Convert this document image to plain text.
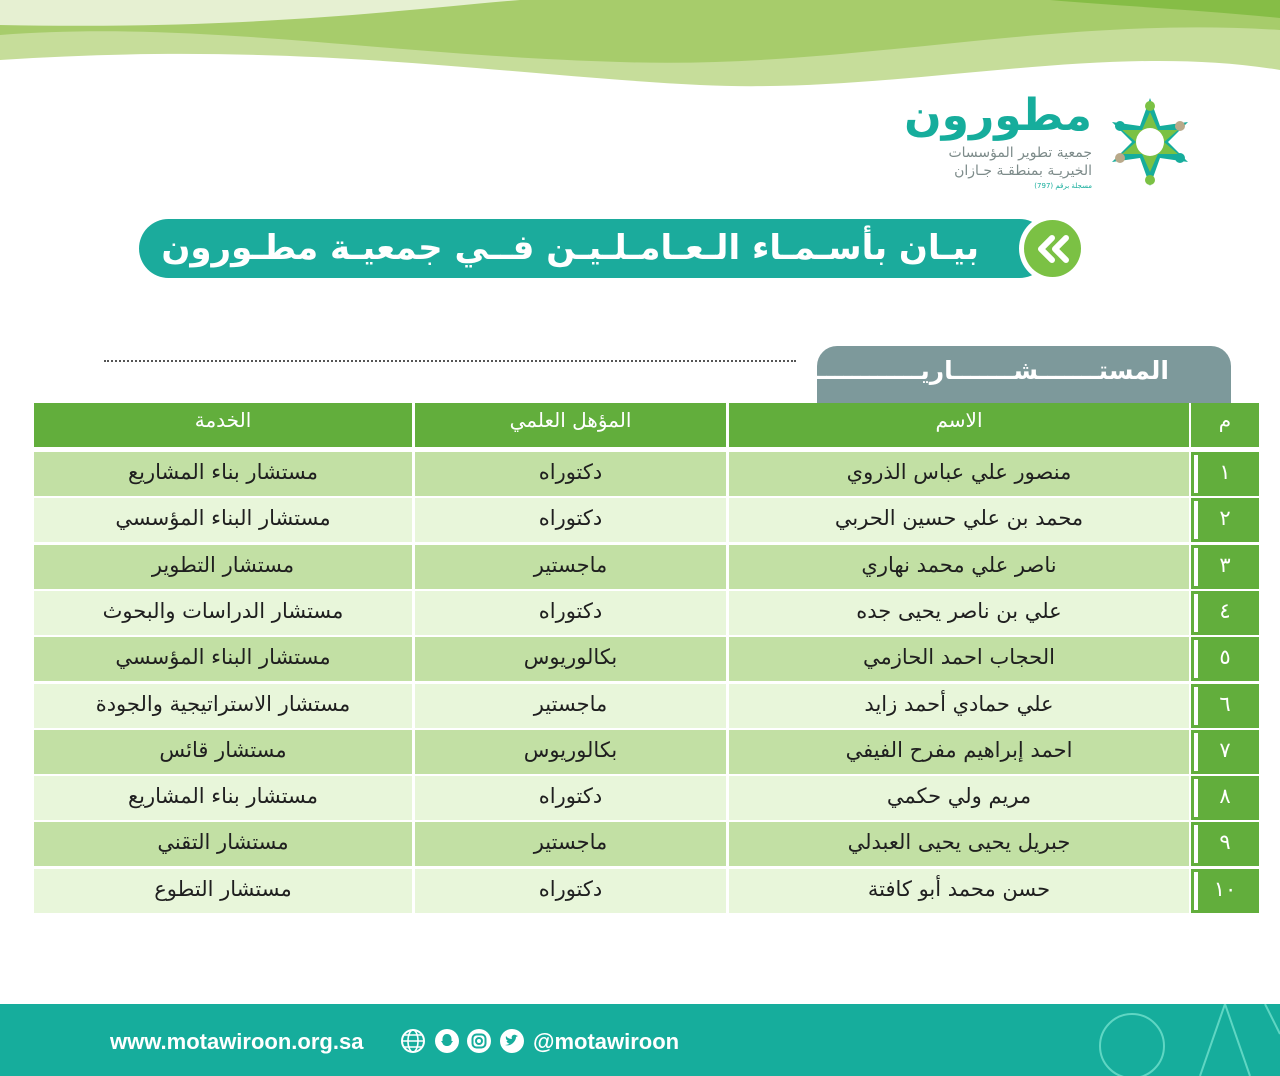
مطورون
جمعية تطوير المؤسسات
الخيريـة بمنطقـة جـازان
مسجلة برقم (797)
بيـان بأسـمـاء الـعـامـلـيـن فــي جمعيـة مطـورون
المستـــــــشـــــــاريــــــــــــن
الخدمة	المؤهل العلمي	الاسم	م
مستشار بناء المشاريع	دكتوراه	منصور علي عباس الذروي	١
مستشار البناء المؤسسي	دكتوراه	محمد بن علي حسين الحربي	٢
مستشار التطوير	ماجستير	ناصر علي محمد نهاري	٣
مستشار الدراسات والبحوث	دكتوراه	علي بن ناصر يحيى جده	٤
مستشار البناء المؤسسي	بكالوريوس	الحجاب احمد الحازمي	٥
مستشار الاستراتيجية والجودة	ماجستير	علي حمادي أحمد زايد	٦
مستشار قائس	بكالوريوس	احمد إبراهيم مفرح الفيفي	٧
مستشار بناء المشاريع	دكتوراه	مريم ولي حكمي	٨
مستشار التقني	ماجستير	جبريل يحيى يحيى العبدلي	٩
مستشار التطوع	دكتوراه	حسن محمد أبو كافتة	١٠
www.motawiroon.org.sa	@motawiroon
